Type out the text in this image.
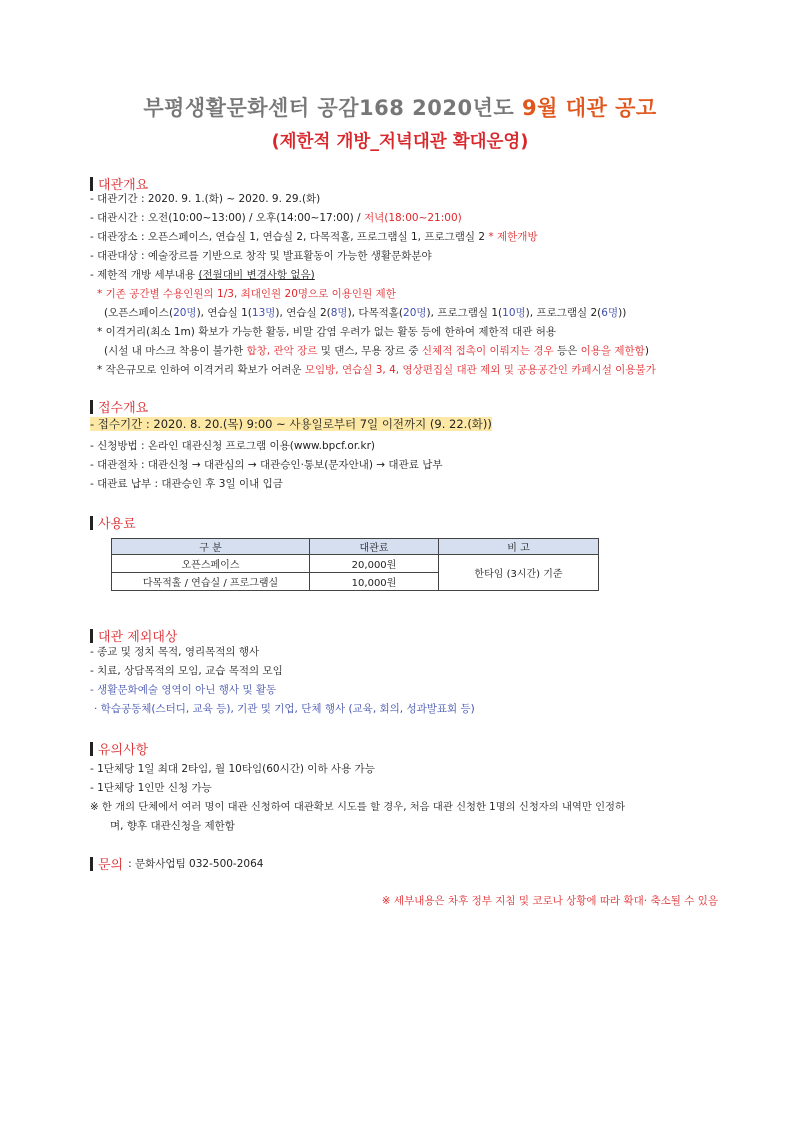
부평생활문화센터 공감168 2020년도 9월 대관 공고
(제한적 개방_저녁대관 확대운영)
대관개요
- 대관기간 : 2020. 9. 1.(화) ~ 2020. 9. 29.(화)
- 대관시간 : 오전(10:00~13:00) / 오후(14:00~17:00) / 저녁(18:00~21:00)
- 대관장소 : 오픈스페이스, 연습실 1, 연습실 2, 다목적홀, 프로그램실 1, 프로그램실 2 * 제한개방
- 대관대상 : 예술장르를 기반으로 창작 및 발표활동이 가능한 생활문화분야
- 제한적 개방 세부내용 (전월대비 변경사항 없음)
* 기존 공간별 수용인원의 1/3, 최대인원 20명으로 이용인원 제한
(오픈스페이스(20명), 연습실 1(13명), 연습실 2(8명), 다목적홀(20명), 프로그램실 1(10명), 프로그램실 2(6명))
* 이격거리(최소 1m) 확보가 가능한 활동, 비말 감염 우려가 없는 활동 등에 한하여 제한적 대관 허용
(시설 내 마스크 착용이 불가한 합창, 관악 장르 및 댄스, 무용 장르 중 신체적 접촉이 이뤄지는 경우 등은 이용을 제한함)
* 작은규모로 인하여 이격거리 확보가 어려운 모임방, 연습실 3, 4, 영상편집실 대관 제외 및 공용공간인 카페시설 이용불가
접수개요
- 접수기간 : 2020. 8. 20.(목) 9:00 ~ 사용일로부터 7일 이전까지 (9. 22.(화))
- 신청방법 : 온라인 대관신청 프로그램 이용(www.bpcf.or.kr)
- 대관절차 : 대관신청 → 대관심의 → 대관승인·통보(문자안내) → 대관료 납부
- 대관료 납부 : 대관승인 후 3일 이내 입금
사용료
구 분	대관료	비 고
오픈스페이스	20,000원	한타임 (3시간) 기준
다목적홀 / 연습실 / 프로그램실	10,000원	
대관 제외대상
- 종교 및 정치 목적, 영리목적의 행사
- 치료, 상담목적의 모임, 교습 목적의 모임
- 생활문화예술 영역이 아닌 행사 및 활동
· 학습공동체(스터디, 교육 등), 기관 및 기업, 단체 행사 (교육, 회의, 성과발표회 등)
유의사항
- 1단체당 1일 최대 2타임, 월 10타임(60시간) 이하 사용 가능
- 1단체당 1인만 신청 가능
※ 한 개의 단체에서 여러 명이 대관 신청하여 대관확보 시도를 할 경우, 처음 대관 신청한 1명의 신청자의 내역만 인정하
며, 향후 대관신청을 제한함
문의 : 문화사업팀 032-500-2064
※ 세부내용은 차후 정부 지침 및 코로나 상황에 따라 확대· 축소될 수 있음
